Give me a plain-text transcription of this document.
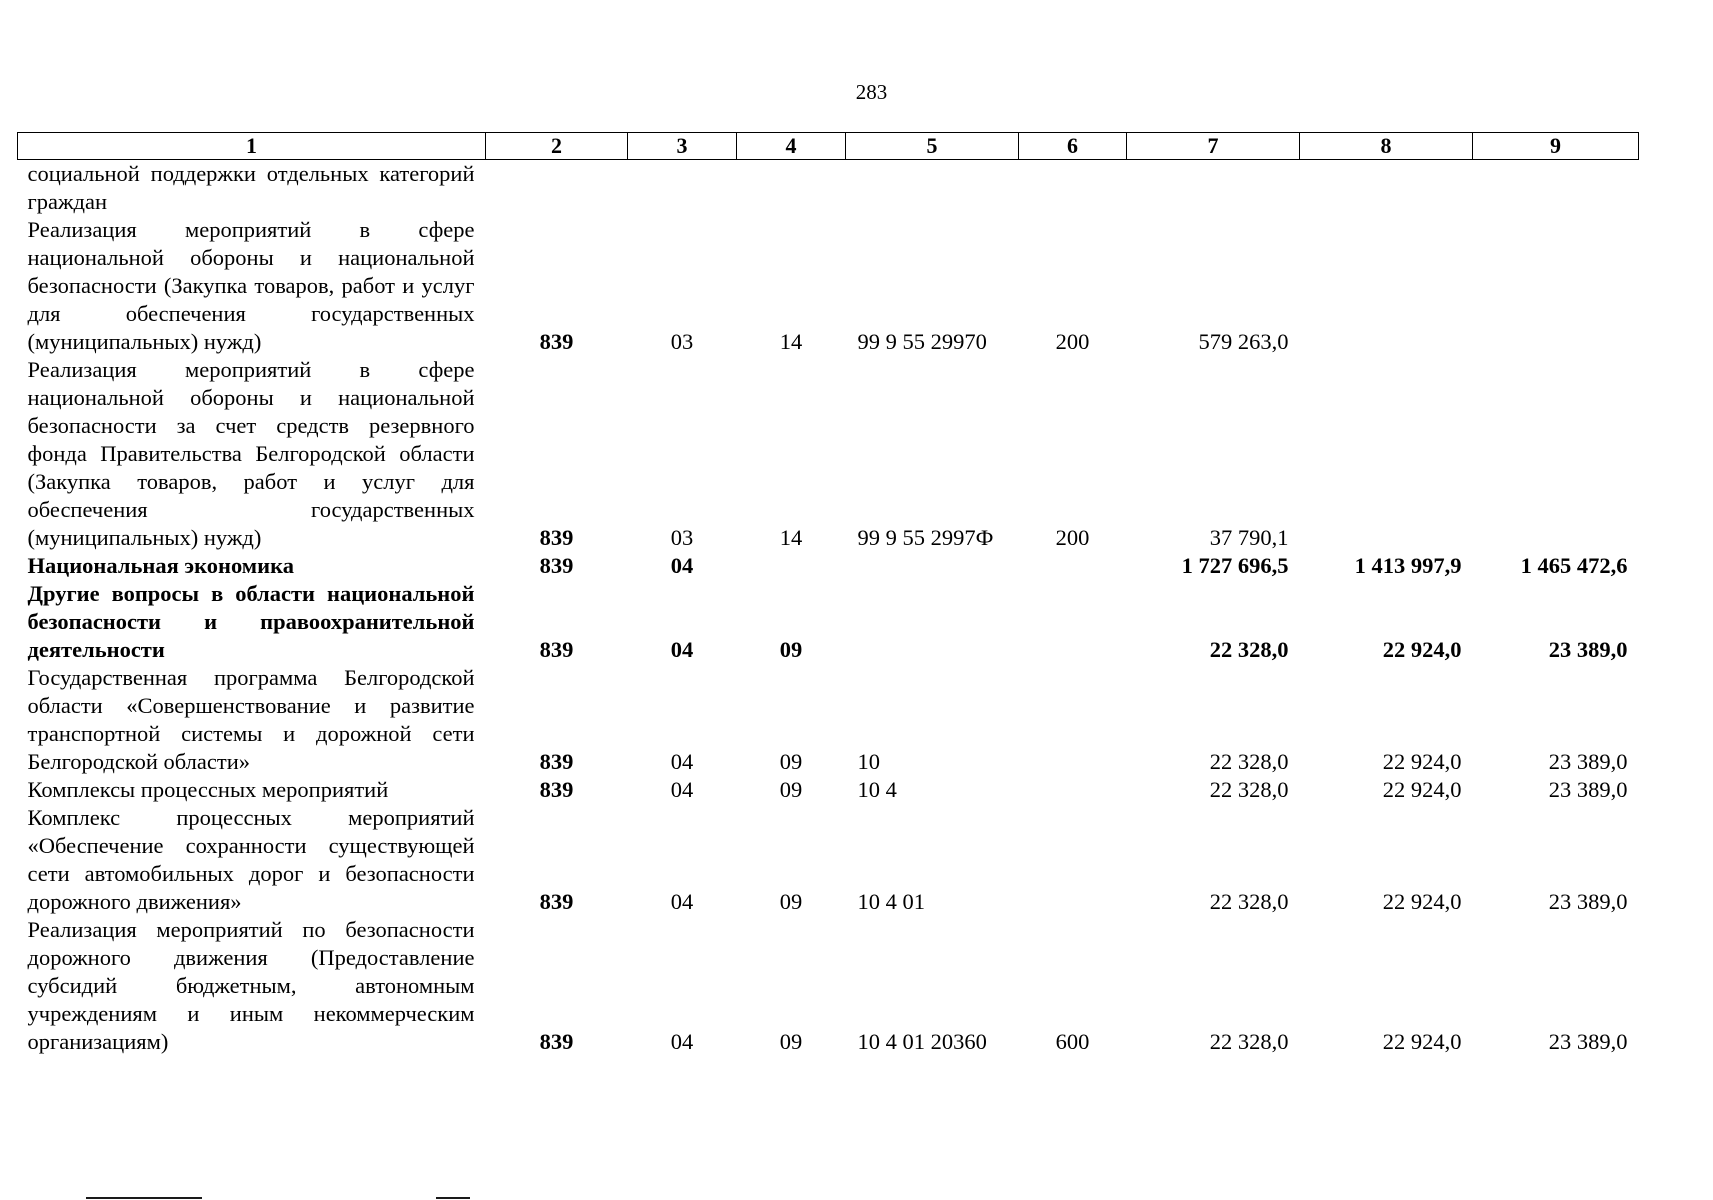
283
1	2	3	4	5	6	7	8	9
социальной поддержки отдельных категорий граждан								
Реализация мероприятий в сфере национальной обороны и национальной безопасности (Закупка товаров, работ и услуг для обеспечения государственных (муниципальных) нужд)	839	03	14	99 9 55 29970	200	579 263,0		
Реализация мероприятий в сфере национальной обороны и национальной безопасности за счет средств резервного фонда Правительства Белгородской области (Закупка товаров, работ и услуг для обеспечения государственных (муниципальных) нужд)	839	03	14	99 9 55 2997Ф	200	37 790,1		
Национальная экономика	839	04				1 727 696,5	1 413 997,9	1 465 472,6
Другие вопросы в области национальной безопасности и правоохранительной деятельности	839	04	09			22 328,0	22 924,0	23 389,0
Государственная программа Белгородской области «Совершенствование и развитие транспортной системы и дорожной сети Белгородской области»	839	04	09	10		22 328,0	22 924,0	23 389,0
Комплексы процессных мероприятий	839	04	09	10 4		22 328,0	22 924,0	23 389,0
Комплекс процессных мероприятий «Обеспечение сохранности существующей сети автомобильных дорог и безопасности дорожного движения»	839	04	09	10 4 01		22 328,0	22 924,0	23 389,0
Реализация мероприятий по безопасности дорожного движения (Предоставление субсидий бюджетным, автономным учреждениям и иным некоммерческим организациям)	839	04	09	10 4 01 20360	600	22 328,0	22 924,0	23 389,0
